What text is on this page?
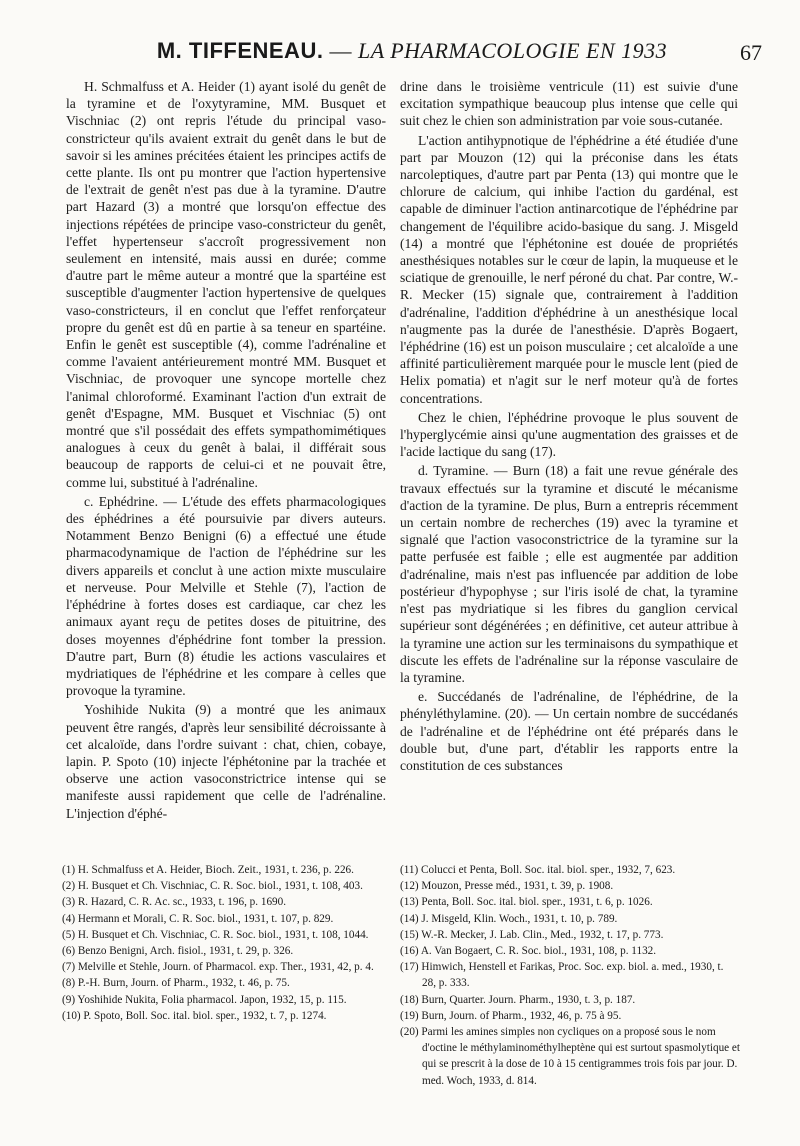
M. TIFFENEAU. — LA PHARMACOLOGIE EN 1933	67

H. Schmalfuss et A. Heider (1) ayant isolé du genêt de la tyramine et de l'oxytyramine, MM. Busquet et Vischniac (2) ont repris l'étude du principal vaso-constricteur qu'ils avaient extrait du genêt dans le but de savoir si les amines précitées étaient les principes actifs de cette plante. Ils ont pu montrer que l'action hypertensive de l'extrait de genêt n'est pas due à la tyramine. D'autre part Hazard (3) a montré que lorsqu'on effectue des injections répétées de principe vaso-constricteur du genêt, l'effet hypertenseur s'accroît progressivement non seulement en intensité, mais aussi en durée; comme d'autre part le même auteur a montré que la spartéine est susceptible d'augmenter l'action hypertensive de quelques vaso-constricteurs, il en conclut que l'effet renforçateur propre du genêt est dû en partie à sa teneur en spartéine. Enfin le genêt est susceptible (4), comme l'adrénaline et comme l'avaient antérieurement montré MM. Busquet et Vischniac, de provoquer une syncope mortelle chez l'animal chloroformé. Examinant l'action d'un extrait de genêt d'Espagne, MM. Busquet et Vischniac (5) ont montré que s'il possédait des effets sympathomimétiques analogues à ceux du genêt à balai, il différait sous beaucoup de rapports de celui-ci et ne pouvait être, comme lui, substitué à l'adrénaline.

c. Ephédrine. — L'étude des effets pharmacologiques des éphédrines a été poursuivie par divers auteurs. Notamment Benzo Benigni (6) a effectué une étude pharmacodynamique de l'action de l'éphédrine sur les divers appareils et conclut à une action mixte musculaire et nerveuse. Pour Melville et Stehle (7), l'action de l'éphédrine à fortes doses est cardiaque, car chez les animaux ayant reçu de petites doses de pituitrine, des doses moyennes d'éphédrine font tomber la pression. D'autre part, Burn (8) étudie les actions vasculaires et mydriatiques de l'éphédrine et les compare à celles que provoque la tyramine.

Yoshihide Nukita (9) a montré que les animaux peuvent être rangés, d'après leur sensibilité décroissante à cet alcaloïde, dans l'ordre suivant : chat, chien, cobaye, lapin. P. Spoto (10) injecte l'éphétonine par la trachée et observe une action vasoconstrictrice intense qui se manifeste aussi rapidement que celle de l'adrénaline. L'injection d'éphé-

drine dans le troisième ventricule (11) est suivie d'une excitation sympathique beaucoup plus intense que celle qui suit chez le chien son administration par voie sous-cutanée.

L'action antihypnotique de l'éphédrine a été étudiée d'une part par Mouzon (12) qui la préconise dans les états narcoleptiques, d'autre part par Penta (13) qui montre que le chlorure de calcium, qui inhibe l'action du gardénal, est capable de diminuer l'action antinarcotique de l'éphédrine par changement de l'équilibre acido-basique du sang. J. Misgeld (14) a montré que l'éphétonine est douée de propriétés anesthésiques notables sur le cœur de lapin, la muqueuse et le sciatique de grenouille, le nerf péroné du chat. Par contre, W.-R. Mecker (15) signale que, contrairement à l'addition d'adrénaline, l'addition d'éphédrine à un anesthésique local n'augmente pas la durée de l'anesthésie. D'après Bogaert, l'éphédrine (16) est un poison musculaire ; cet alcaloïde a une affinité particulièrement marquée pour le muscle lent (pied de Helix pomatia) et n'agit sur le nerf moteur qu'à de fortes concentrations.

Chez le chien, l'éphédrine provoque le plus souvent de l'hyperglycémie ainsi qu'une augmentation des graisses et de l'acide lactique du sang (17).

d. Tyramine. — Burn (18) a fait une revue générale des travaux effectués sur la tyramine et discuté le mécanisme d'action de la tyramine. De plus, Burn a entrepris récemment un certain nombre de recherches (19) avec la tyramine et signalé que l'action vasoconstrictrice de la tyramine sur la patte perfusée est faible ; elle est augmentée par addition d'adrénaline, mais n'est pas influencée par addition de lobe postérieur d'hypophyse ; sur l'iris isolé de chat, la tyramine n'est pas mydriatique si les fibres du ganglion cervical supérieur sont dégénérées ; en définitive, cet auteur attribue à la tyramine une action sur les terminaisons du sympathique et discute les effets de l'adrénaline sur la réponse vasculaire de la tyramine.

e. Succédanés de l'adrénaline, de l'éphédrine, de la phényléthylamine. (20). — Un certain nombre de succédanés de l'adrénaline et de l'éphédrine ont été préparés dans le double but, d'une part, d'établir les rapports entre la constitution de ces substances

(1) H. Schmalfuss et A. Heider, Bioch. Zeit., 1931, t. 236, p. 226.
(2) H. Busquet et Ch. Vischniac, C. R. Soc. biol., 1931, t. 108, 403.
(3) R. Hazard, C. R. Ac. sc., 1933, t. 196, p. 1690.
(4) Hermann et Morali, C. R. Soc. biol., 1931, t. 107, p. 829.
(5) H. Busquet et Ch. Vischniac, C. R. Soc. biol., 1931, t. 108, 1044.
(6) Benzo Benigni, Arch. fisiol., 1931, t. 29, p. 326.
(7) Melville et Stehle, Journ. of Pharmacol. exp. Ther., 1931, 42, p. 4.
(8) P.-H. Burn, Journ. of Pharm., 1932, t. 46, p. 75.
(9) Yoshihide Nukita, Folia pharmacol. Japon, 1932, 15, p. 115.
(10) P. Spoto, Boll. Soc. ital. biol. sper., 1932, t. 7, p. 1274.
(11) Colucci et Penta, Boll. Soc. ital. biol. sper., 1932, 7, 623.
(12) Mouzon, Presse méd., 1931, t. 39, p. 1908.
(13) Penta, Boll. Soc. ital. biol. sper., 1931, t. 6, p. 1026.
(14) J. Misgeld, Klin. Woch., 1931, t. 10, p. 789.
(15) W.-R. Mecker, J. Lab. Clin., Med., 1932, t. 17, p. 773.
(16) A. Van Bogaert, C. R. Soc. biol., 1931, 108, p. 1132.
(17) Himwich, Henstell et Farikas, Proc. Soc. exp. biol. a. med., 1930, t. 28, p. 333.
(18) Burn, Quarter. Journ. Pharm., 1930, t. 3, p. 187.
(19) Burn, Journ. of Pharm., 1932, 46, p. 75 à 95.
(20) Parmi les amines simples non cycliques on a proposé sous le nom d'octine le méthylaminométhylheptène qui est surtout spasmolytique et qui se prescrit à la dose de 10 à 15 centigrammes trois fois par jour. D. med. Woch, 1933, d. 814.
